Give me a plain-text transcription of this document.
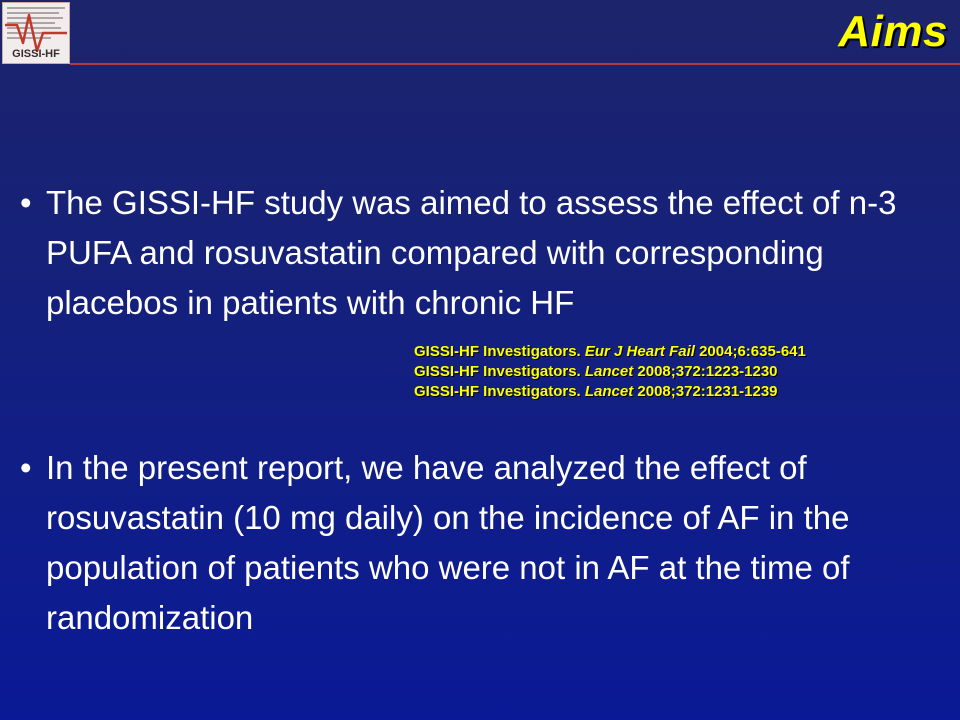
GISSI-HF	Aims
• The GISSI-HF study was aimed to assess the effect of n-3 PUFA and rosuvastatin compared with corresponding placebos in patients with chronic HF
GISSI-HF Investigators. Eur J Heart Fail 2004;6:635-641
GISSI-HF Investigators. Lancet 2008;372:1223-1230
GISSI-HF Investigators. Lancet 2008;372:1231-1239
• In the present report, we have analyzed the effect of rosuvastatin (10 mg daily) on the incidence of AF in the population of patients who were not in AF at the time of randomization
